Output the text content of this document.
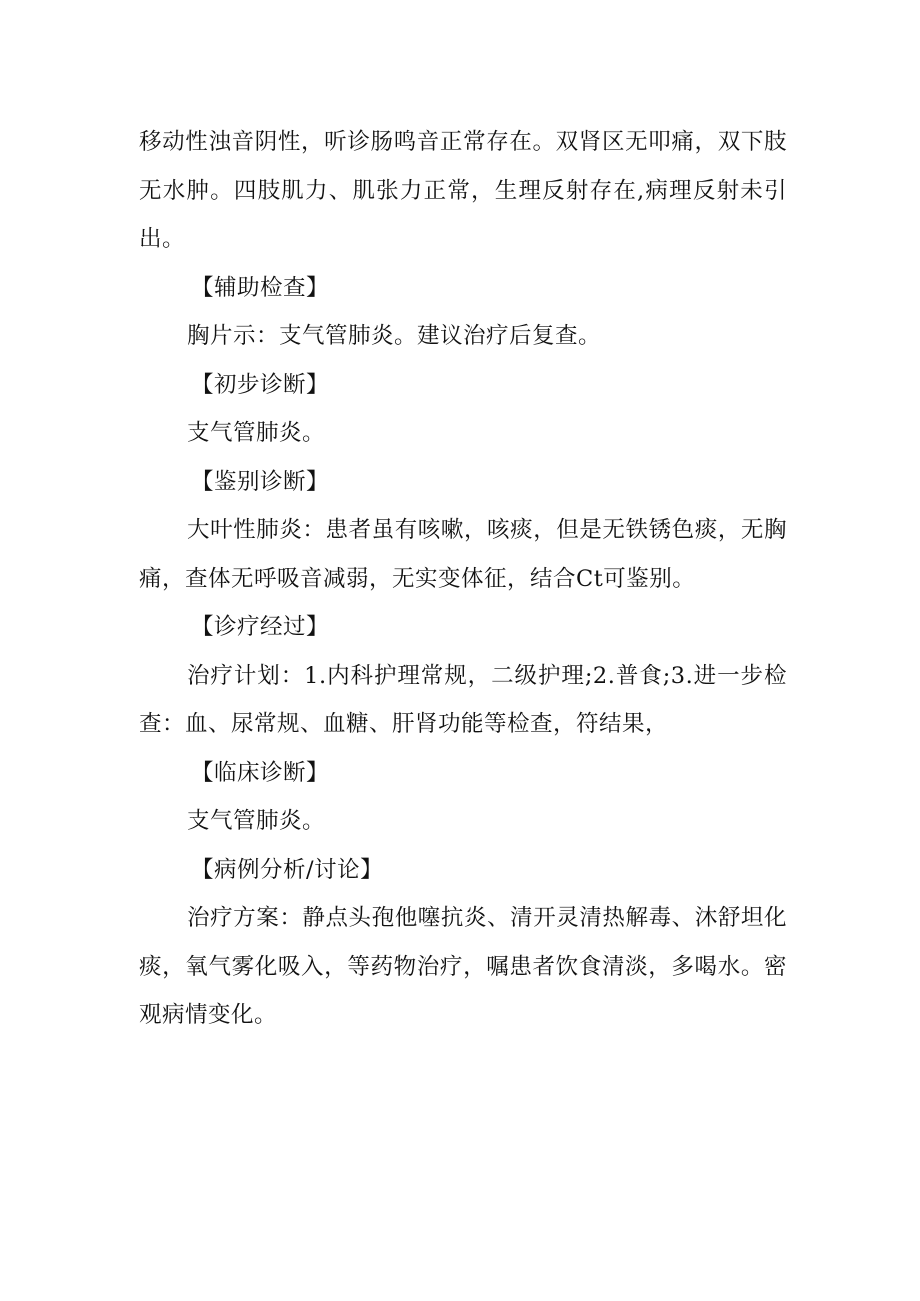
移动性浊音阴性，听诊肠鸣音正常存在。双肾区无叩痛，双下肢无水肿。四肢肌力、肌张力正常，生理反射存在,病理反射未引出。

【辅助检查】

胸片示：支气管肺炎。建议治疗后复查。

【初步诊断】

支气管肺炎。

【鉴别诊断】

大叶性肺炎：患者虽有咳嗽，咳痰，但是无铁锈色痰，无胸痛，查体无呼吸音减弱，无实变体征，结合Ct可鉴别。

【诊疗经过】

治疗计划：1.内科护理常规，二级护理;2.普食;3.进一步检查：血、尿常规、血糖、肝肾功能等检查，符结果，

【临床诊断】

支气管肺炎。

【病例分析/讨论】

治疗方案：静点头孢他噻抗炎、清开灵清热解毒、沐舒坦化痰，氧气雾化吸入，等药物治疗，嘱患者饮食清淡，多喝水。密观病情变化。
